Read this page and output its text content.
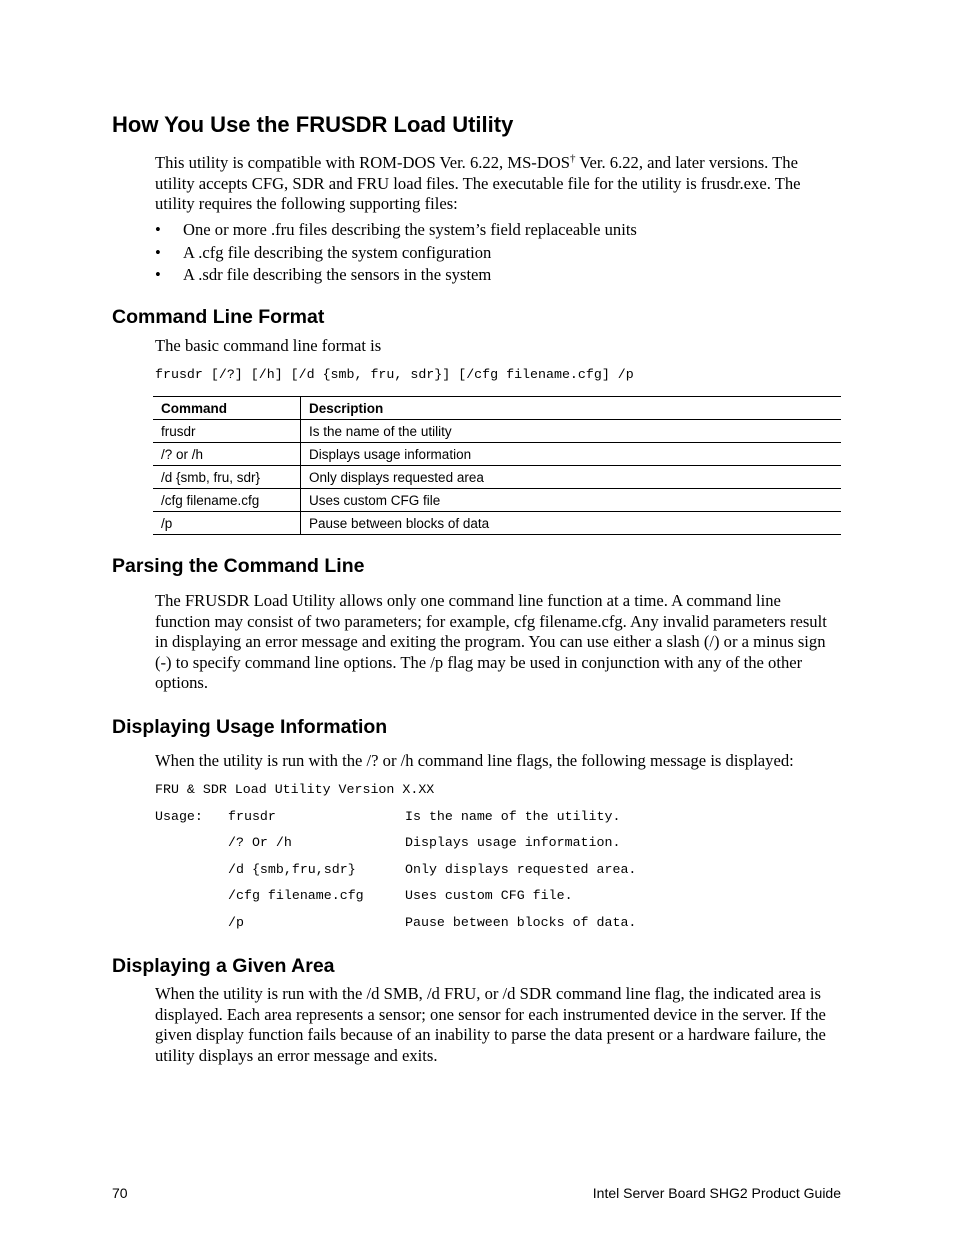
How You Use the FRUSDR Load Utility

This utility is compatible with ROM-DOS Ver. 6.22, MS-DOS† Ver. 6.22, and later versions. The utility accepts CFG, SDR and FRU load files. The executable file for the utility is frusdr.exe. The utility requires the following supporting files:

• One or more .fru files describing the system’s field replaceable units
• A .cfg file describing the system configuration
• A .sdr file describing the sensors in the system
Command Line Format

The basic command line format is

frusdr [/?] [/h] [/d {smb, fru, sdr}] [/cfg filename.cfg] /p
Command	Description
frusdr	Is the name of the utility
/? or /h	Displays usage information
/d {smb, fru, sdr}	Only displays requested area
/cfg filename.cfg	Uses custom CFG file
/p	Pause between blocks of data
Parsing the Command Line

The FRUSDR Load Utility allows only one command line function at a time. A command line function may consist of two parameters; for example, cfg filename.cfg. Any invalid parameters result in displaying an error message and exiting the program. You can use either a slash (/) or a minus sign (-) to specify command line options. The /p flag may be used in conjunction with any of the other options.

Displaying Usage Information

When the utility is run with the /? or /h command line flags, the following message is displayed:

FRU & SDR Load Utility Version X.XX
Usage: frusdr	Is the name of the utility.
/? Or /h	Displays usage information.
/d {smb,fru,sdr}	Only displays requested area.
/cfg filename.cfg	Uses custom CFG file.
/p	Pause between blocks of data.
Displaying a Given Area

When the utility is run with the /d SMB, /d FRU, or /d SDR command line flag, the indicated area is displayed. Each area represents a sensor; one sensor for each instrumented device in the server. If the given display function fails because of an inability to parse the data present or a hardware failure, the utility displays an error message and exits.

70	Intel Server Board SHG2 Product Guide
